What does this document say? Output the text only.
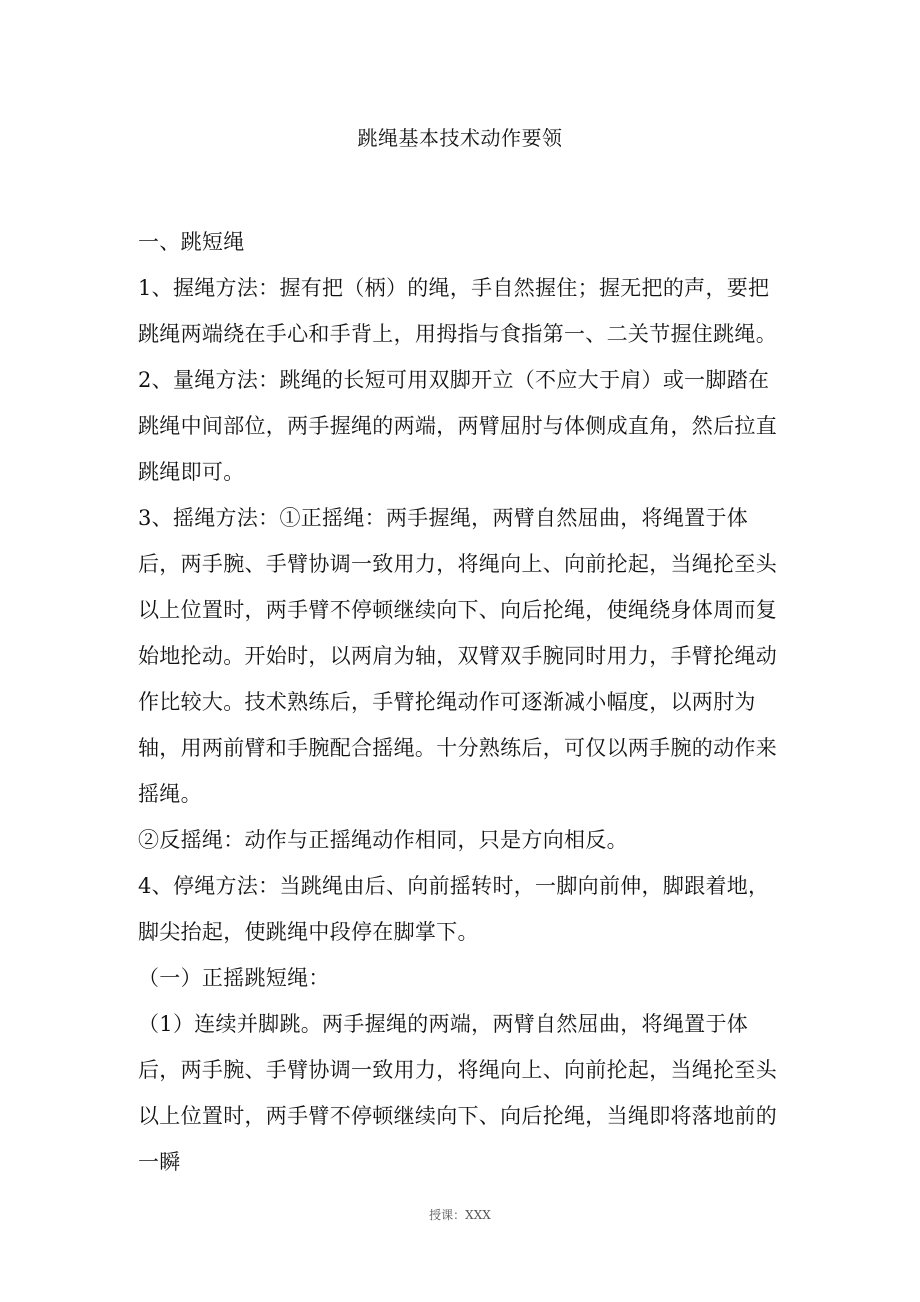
跳绳基本技术动作要领

一、跳短绳

1、握绳方法：握有把（柄）的绳，手自然握住；握无把的声，要把跳绳两端绕在手心和手背上，用拇指与食指第一、二关节握住跳绳。

2、量绳方法：跳绳的长短可用双脚开立（不应大于肩）或一脚踏在跳绳中间部位，两手握绳的两端，两臂屈肘与体侧成直角，然后拉直跳绳即可。

3、摇绳方法：①正摇绳：两手握绳，两臂自然屈曲，将绳置于体后，两手腕、手臂协调一致用力，将绳向上、向前抡起，当绳抡至头以上位置时，两手臂不停顿继续向下、向后抡绳，使绳绕身体周而复始地抡动。开始时，以两肩为轴，双臂双手腕同时用力，手臂抡绳动作比较大。技术熟练后，手臂抡绳动作可逐渐减小幅度，以两肘为轴，用两前臂和手腕配合摇绳。十分熟练后，可仅以两手腕的动作来摇绳。

②反摇绳：动作与正摇绳动作相同，只是方向相反。

4、停绳方法：当跳绳由后、向前摇转时，一脚向前伸，脚跟着地，脚尖抬起，使跳绳中段停在脚掌下。

（一）正摇跳短绳：

（1）连续并脚跳。两手握绳的两端，两臂自然屈曲，将绳置于体后，两手腕、手臂协调一致用力，将绳向上、向前抡起，当绳抡至头以上位置时，两手臂不停顿继续向下、向后抡绳，当绳即将落地前的一瞬

授课：XXX
